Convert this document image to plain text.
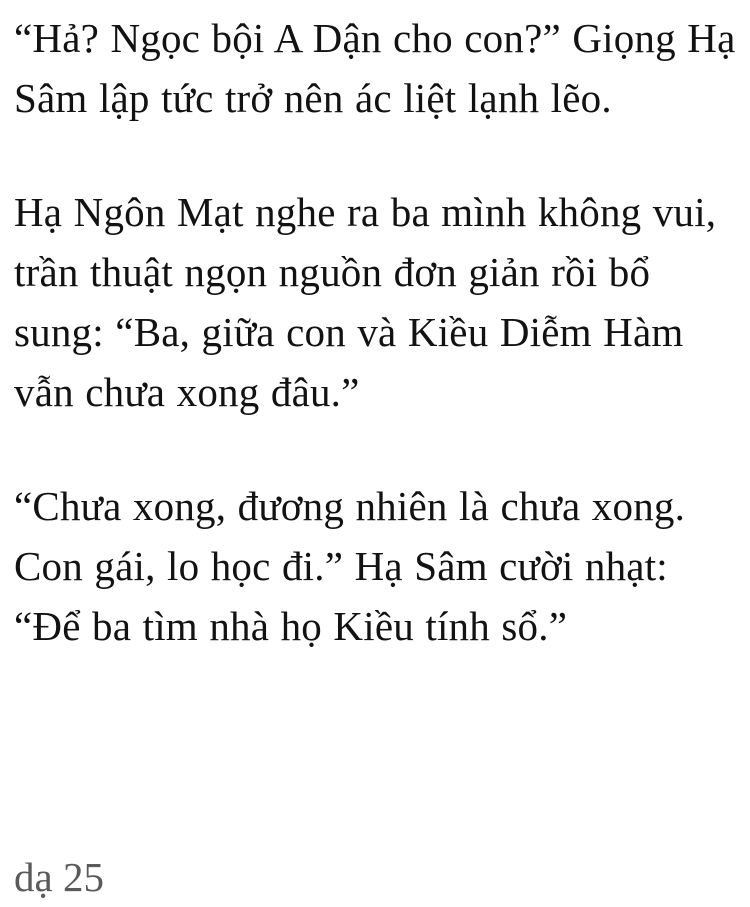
“Hả? Ngọc bội A Dận cho con?” Giọng Hạ Sâm lập tức trở nên ác liệt lạnh lẽo.

Hạ Ngôn Mạt nghe ra ba mình không vui, trần thuật ngọn nguồn đơn giản rồi bổ sung: “Ba, giữa con và Kiều Diễm Hàm vẫn chưa xong đâu.”

“Chưa xong, đương nhiên là chưa xong. Con gái, lo học đi.” Hạ Sâm cười nhạt: “Để ba tìm nhà họ Kiều tính sổ.”

dạ 25
